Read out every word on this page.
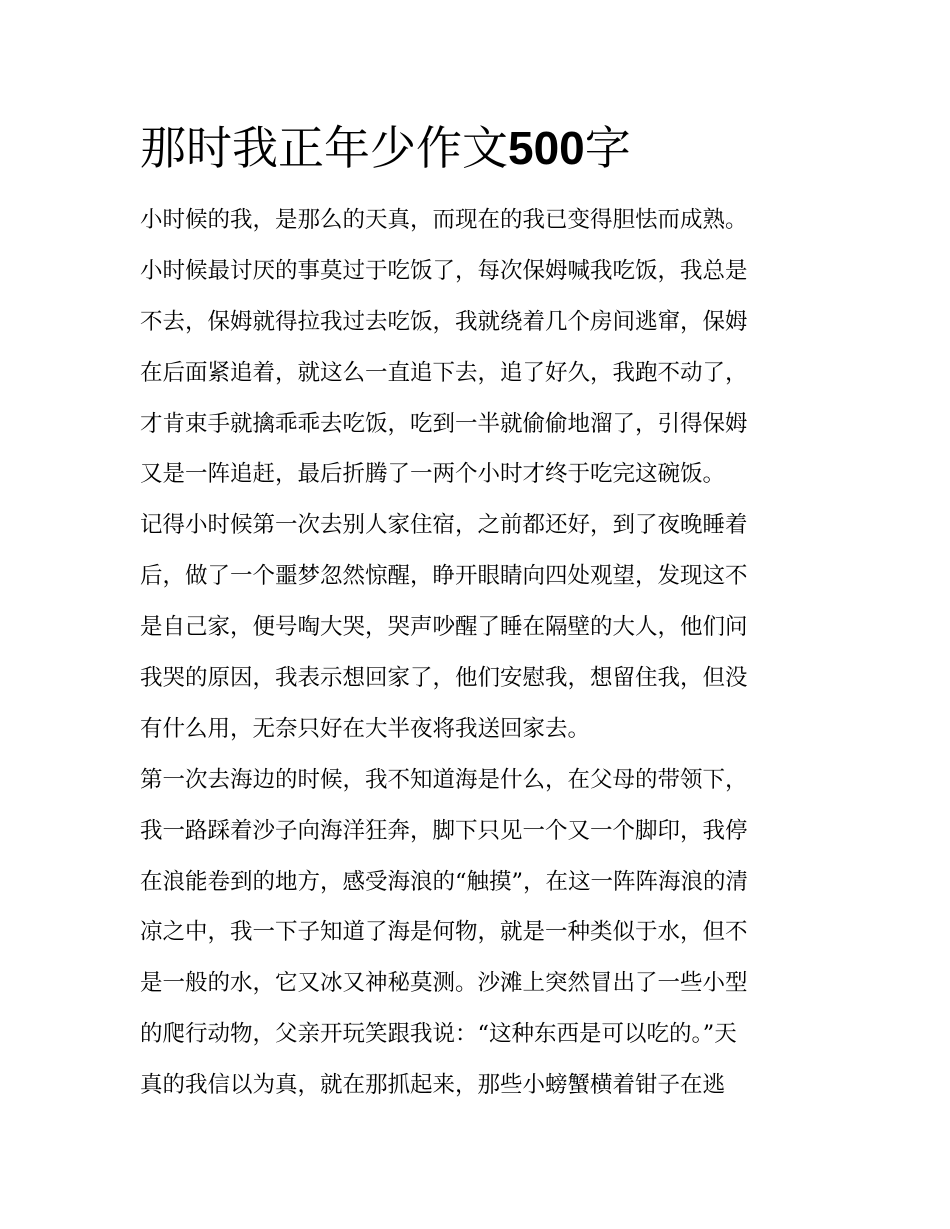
那时我正年少作文500字
小时候的我，是那么的天真，而现在的我已变得胆怯而成熟。
小时候最讨厌的事莫过于吃饭了，每次保姆喊我吃饭，我总是
不去，保姆就得拉我过去吃饭，我就绕着几个房间逃窜，保姆
在后面紧追着，就这么一直追下去，追了好久，我跑不动了，
才肯束手就擒乖乖去吃饭，吃到一半就偷偷地溜了，引得保姆
又是一阵追赶，最后折腾了一两个小时才终于吃完这碗饭。
记得小时候第一次去别人家住宿，之前都还好，到了夜晚睡着
后，做了一个噩梦忽然惊醒，睁开眼睛向四处观望，发现这不
是自己家，便号啕大哭，哭声吵醒了睡在隔壁的大人，他们问
我哭的原因，我表示想回家了，他们安慰我，想留住我，但没
有什么用，无奈只好在大半夜将我送回家去。
第一次去海边的时候，我不知道海是什么，在父母的带领下，
我一路踩着沙子向海洋狂奔，脚下只见一个又一个脚印，我停
在浪能卷到的地方，感受海浪的“触摸”，在这一阵阵海浪的清
凉之中，我一下子知道了海是何物，就是一种类似于水，但不
是一般的水，它又冰又神秘莫测。沙滩上突然冒出了一些小型
的爬行动物，父亲开玩笑跟我说：“这种东西是可以吃的。”天
真的我信以为真，就在那抓起来，那些小螃蟹横着钳子在逃
